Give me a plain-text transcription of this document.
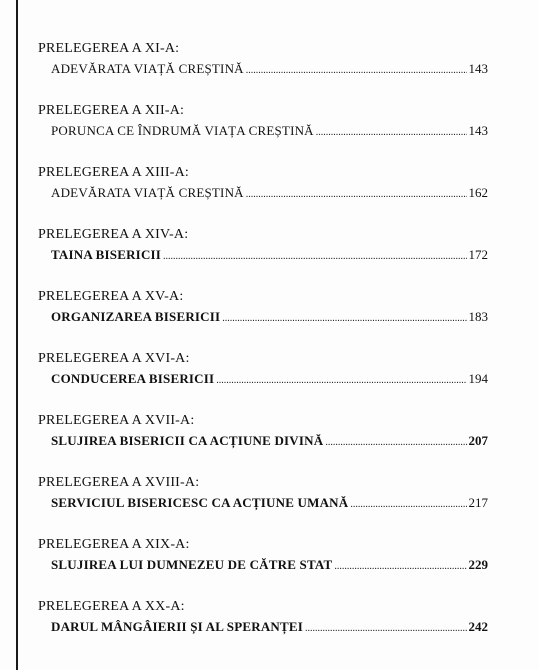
PRELEGEREA A XI-A:
ADEVĂRATA VIAȚĂ CREȘTINĂ .....	143
PRELEGEREA A XII-A:
PORUNCA CE ÎNDRUMĂ VIAȚA CREȘTINĂ .....	143
PRELEGEREA A XIII-A:
ADEVĂRATA VIAȚĂ CREȘTINĂ .....	162
PRELEGEREA A XIV-A:
TAINA BISERICII .....	172
PRELEGEREA A XV-A:
ORGANIZAREA BISERICII .....	183
PRELEGEREA A XVI-A:
CONDUCEREA BISERICII .....	194
PRELEGEREA A XVII-A:
SLUJIREA BISERICII CA ACȚIUNE DIVINĂ .....	207
PRELEGEREA A XVIII-A:
SERVICIUL BISERICESC CA ACȚIUNE UMANĂ .....	217
PRELEGEREA A XIX-A:
SLUJIREA LUI DUMNEZEU DE CĂTRE STAT .....	229
PRELEGEREA A XX-A:
DARUL MÂNGÂIERII ȘI AL SPERANȚEI .....	242
